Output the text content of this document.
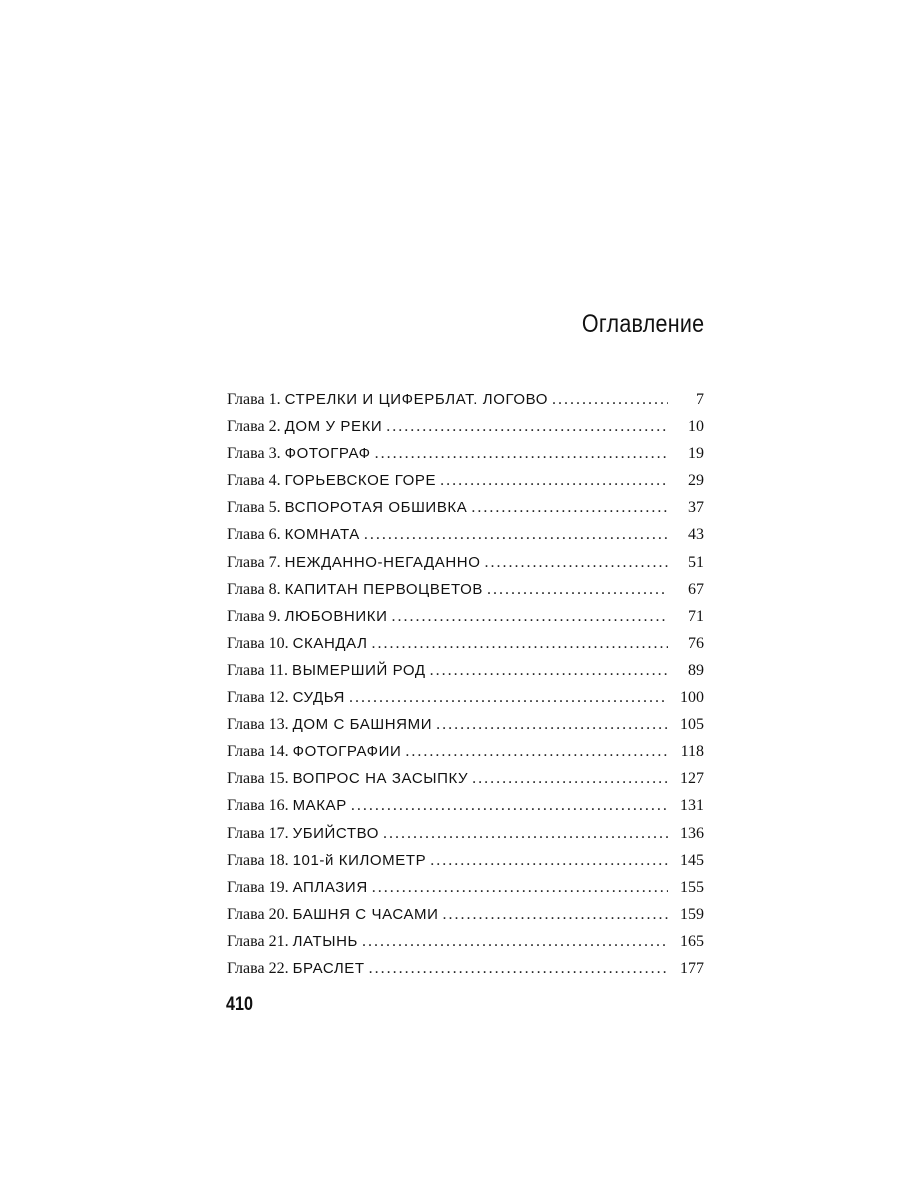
Оглавление
Глава 1. СТРЕЛКИ И ЦИФЕРБЛАТ. ЛОГОВО . . .	7
Глава 2. ДОМ У РЕКИ . . .	10
Глава 3. ФОТОГРАФ . . .	19
Глава 4. ГОРЬЕВСКОЕ ГОРЕ . . .	29
Глава 5. ВСПОРОТАЯ ОБШИВКА . . .	37
Глава 6. КОМНАТА . . .	43
Глава 7. НЕЖДАННО-НЕГАДАННО . . .	51
Глава 8. КАПИТАН ПЕРВОЦВЕТОВ . . .	67
Глава 9. ЛЮБОВНИКИ . . .	71
Глава 10. СКАНДАЛ . . .	76
Глава 11. ВЫМЕРШИЙ РОД . . .	89
Глава 12. СУДЬЯ . . .	100
Глава 13. ДОМ С БАШНЯМИ . . .	105
Глава 14. ФОТОГРАФИИ . . .	118
Глава 15. ВОПРОС НА ЗАСЫПКУ . . .	127
Глава 16. МАКАР . . .	131
Глава 17. УБИЙСТВО . . .	136
Глава 18. 101-й КИЛОМЕТР . . .	145
Глава 19. АПЛАЗИЯ . . .	155
Глава 20. БАШНЯ С ЧАСАМИ . . .	159
Глава 21. ЛАТЫНЬ . . .	165
Глава 22. БРАСЛЕТ . . .	177
410
